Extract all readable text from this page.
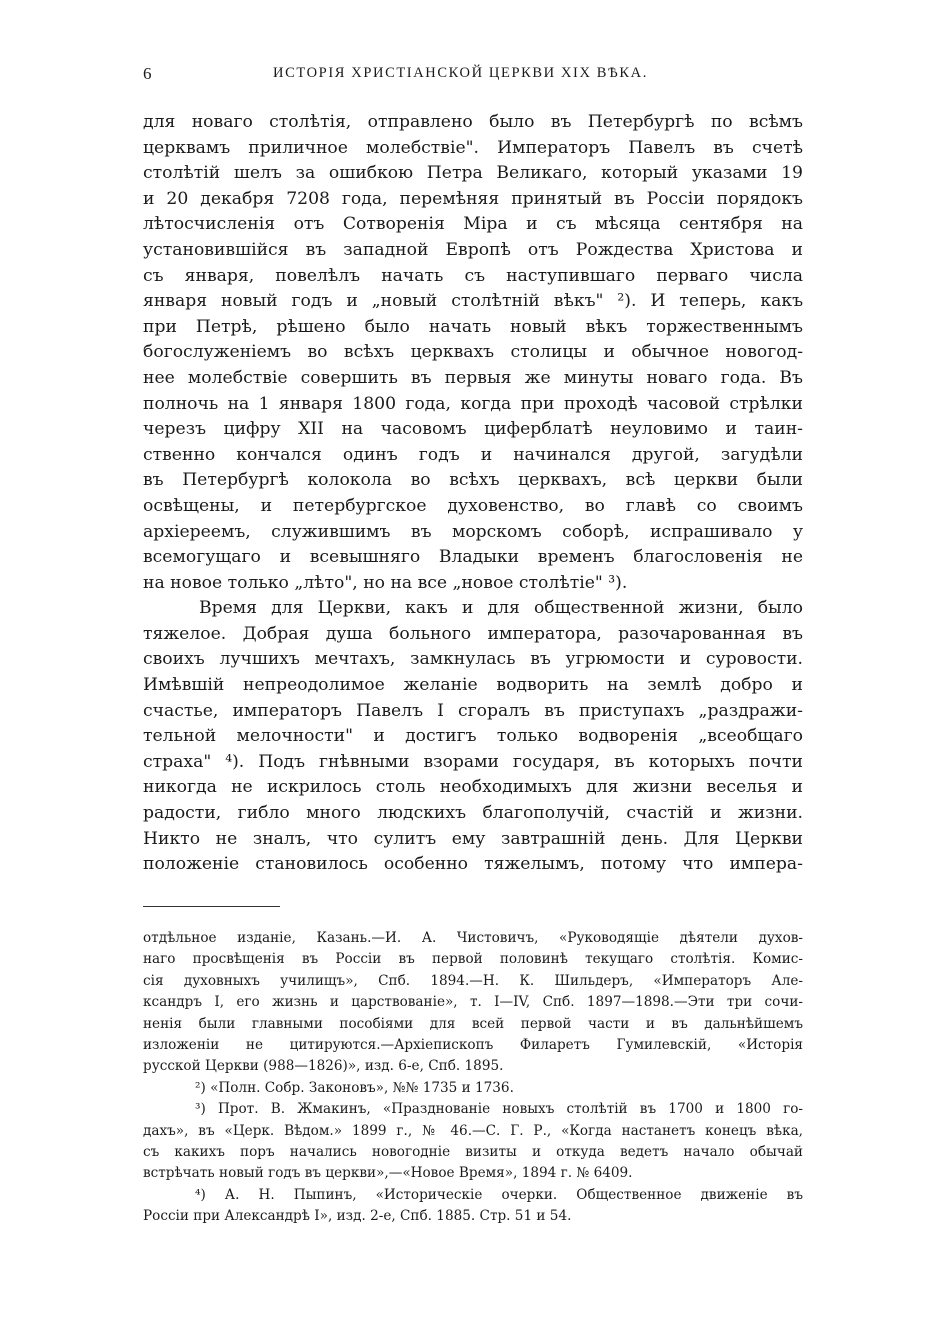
6	ИСТОРІЯ ХРИСТІАНСКОЙ ЦЕРКВИ XIX ВѢКА.
для новаго столѣтія, отправлено было въ Петербургѣ по всѣмъ
церквамъ приличное молебствіе". Императоръ Павелъ въ счетѣ
столѣтій шелъ за ошибкою Петра Великаго, который указами 19
и 20 декабря 7208 года, перемѣняя принятый въ Россіи порядокъ
лѣтосчисленія отъ Сотворенія Міра и съ мѣсяца сентября на
установившійся въ западной Европѣ отъ Рождества Христова и
съ января, повелѣлъ начать съ наступившаго перваго числа
января новый годъ и „новый столѣтній вѣкъ" ²). И теперь, какъ
при Петрѣ, рѣшено было начать новый вѣкъ торжественнымъ
богослуженіемъ во всѣхъ церквахъ столицы и обычное новогод-
нее молебствіе совершить въ первыя же минуты новаго года. Въ
полночь на 1 января 1800 года, когда при проходѣ часовой стрѣлки
черезъ цифру XII на часовомъ циферблатѣ неуловимо и таин-
ственно кончался одинъ годъ и начинался другой, загудѣли
въ Петербургѣ колокола во всѣхъ церквахъ, всѣ церкви были
освѣщены, и петербургское духовенство, во главѣ со своимъ
архіереемъ, служившимъ въ морскомъ соборѣ, испрашивало у
всемогущаго и всевышняго Владыки временъ благословенія не
на новое только „лѣто", но на все „новое столѣтіе" ³).
Время для Церкви, какъ и для общественной жизни, было
тяжелое. Добрая душа больного императора, разочарованная въ
своихъ лучшихъ мечтахъ, замкнулась въ угрюмости и суровости.
Имѣвшій непреодолимое желаніе водворить на землѣ добро и
счастье, императоръ Павелъ I сгоралъ въ приступахъ „раздражи-
тельной мелочности" и достигъ только водворенія „всеобщаго
страха" ⁴). Подъ гнѣвными взорами государя, въ которыхъ почти
никогда не искрилось столь необходимыхъ для жизни веселья и
радости, гибло много людскихъ благополучій, счастій и жизни.
Никто не зналъ, что сулитъ ему завтрашній день. Для Церкви
положеніе становилось особенно тяжелымъ, потому что импера-
отдѣльное изданіе, Казань.—И. А. Чистовичъ, «Руководящіе дѣятели духов-
наго просвѣщенія въ Россіи въ первой половинѣ текущаго столѣтія. Комис-
сія духовныхъ училищъ», Спб. 1894.—Н. К. Шильдеръ, «Императоръ Але-
ксандръ I, его жизнь и царствованіе», т. I—IV, Спб. 1897—1898.—Эти три сочи-
ненія были главными пособіями для всей первой части и въ дальнѣйшемъ
изложеніи не цитируются.—Архіепископъ Филаретъ Гумилевскій, «Исторія
русской Церкви (988—1826)», изд. 6-е, Спб. 1895.
²) «Полн. Собр. Законовъ», №№ 1735 и 1736.
³) Прот. В. Жмакинъ, «Празднованіе новыхъ столѣтій въ 1700 и 1800 го-
дахъ», въ «Церк. Вѣдом.» 1899 г., № 46.—С. Г. Р., «Когда настанетъ конецъ вѣка,
съ какихъ поръ начались новогодніе визиты и откуда ведетъ начало обычай
встрѣчать новый годъ въ церкви»,—«Новое Время», 1894 г. № 6409.
⁴) А. Н. Пыпинъ, «Историческіе очерки. Общественное движеніе въ
Россіи при Александрѣ I», изд. 2-е, Спб. 1885. Стр. 51 и 54.
